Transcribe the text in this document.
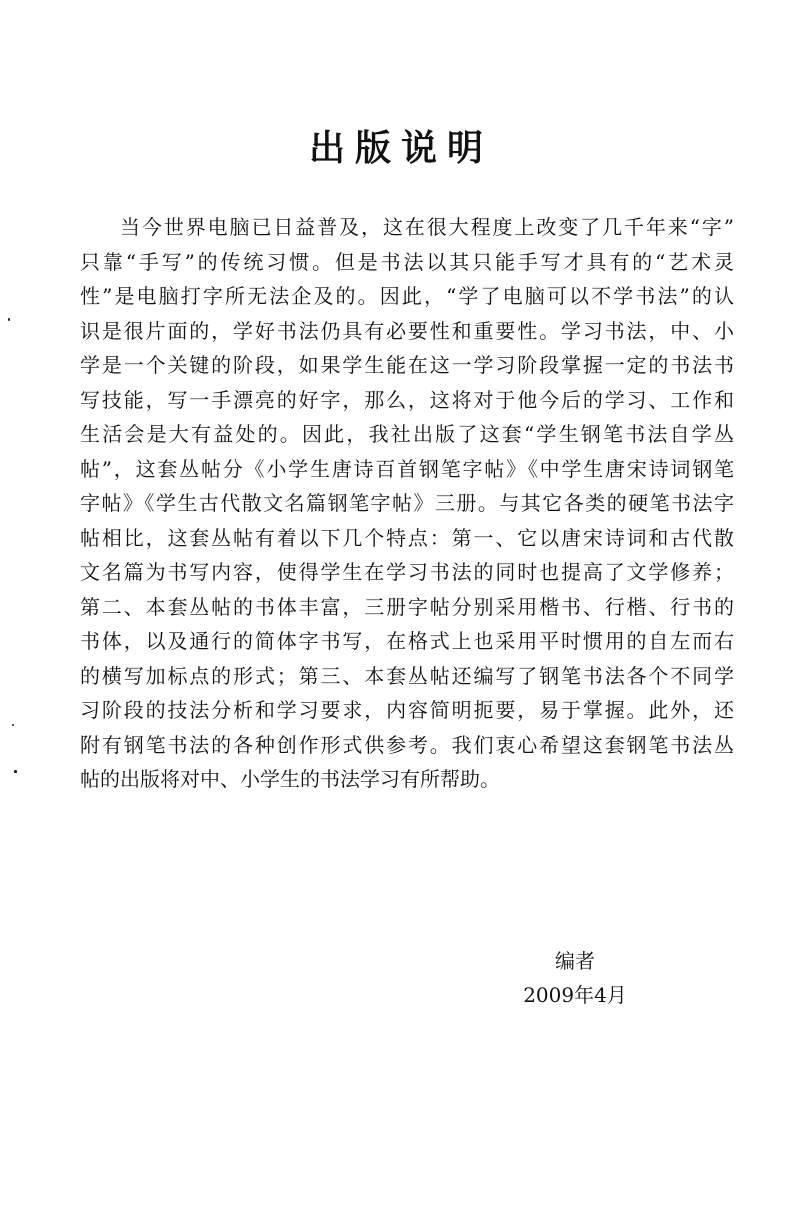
出版说明
当今世界电脑已日益普及，这在很大程度上改变了几千年来“字”
只靠“手写”的传统习惯。但是书法以其只能手写才具有的“艺术灵
性”是电脑打字所无法企及的。因此，“学了电脑可以不学书法”的认
识是很片面的，学好书法仍具有必要性和重要性。学习书法，中、小
学是一个关键的阶段，如果学生能在这一学习阶段掌握一定的书法书
写技能，写一手漂亮的好字，那么，这将对于他今后的学习、工作和
生活会是大有益处的。因此，我社出版了这套“学生钢笔书法自学丛
帖”，这套丛帖分《小学生唐诗百首钢笔字帖》《中学生唐宋诗词钢笔
字帖》《学生古代散文名篇钢笔字帖》三册。与其它各类的硬笔书法字
帖相比，这套丛帖有着以下几个特点：第一、它以唐宋诗词和古代散
文名篇为书写内容，使得学生在学习书法的同时也提高了文学修养；
第二、本套丛帖的书体丰富，三册字帖分别采用楷书、行楷、行书的
书体，以及通行的简体字书写，在格式上也采用平时惯用的自左而右
的横写加标点的形式；第三、本套丛帖还编写了钢笔书法各个不同学
习阶段的技法分析和学习要求，内容简明扼要，易于掌握。此外，还
附有钢笔书法的各种创作形式供参考。我们衷心希望这套钢笔书法丛
帖的出版将对中、小学生的书法学习有所帮助。
编者
2009年4月
